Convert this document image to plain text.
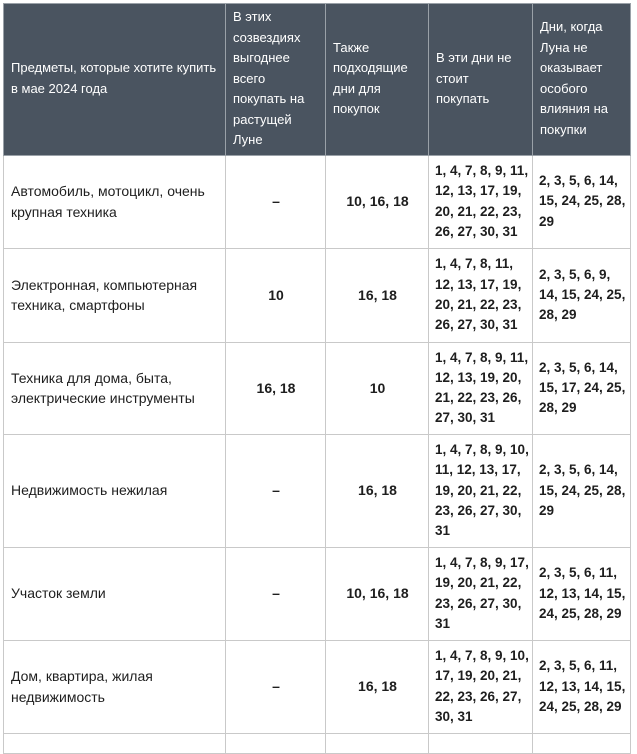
Предметы, которые хотите купить в мае 2024 года	В этих созвездиях выгоднее всего покупать на растущей Луне	Также подходящие дни для покупок	В эти дни не стоит покупать	Дни, когда Луна не оказывает особого влияния на покупки
Автомобиль, мотоцикл, очень крупная техника	–	10, 16, 18	1, 4, 7, 8, 9, 11, 12, 13, 17, 19, 20, 21, 22, 23, 26, 27, 30, 31	2, 3, 5, 6, 14, 15, 24, 25, 28, 29
Электронная, компьютерная техника, смартфоны	10	16, 18	1, 4, 7, 8, 11, 12, 13, 17, 19, 20, 21, 22, 23, 26, 27, 30, 31	2, 3, 5, 6, 9, 14, 15, 24, 25, 28, 29
Техника для дома, быта, электрические инструменты	16, 18	10	1, 4, 7, 8, 9, 11, 12, 13, 19, 20, 21, 22, 23, 26, 27, 30, 31	2, 3, 5, 6, 14, 15, 17, 24, 25, 28, 29
Недвижимость нежилая	–	16, 18	1, 4, 7, 8, 9, 10, 11, 12, 13, 17, 19, 20, 21, 22, 23, 26, 27, 30, 31	2, 3, 5, 6, 14, 15, 24, 25, 28, 29
Участок земли	–	10, 16, 18	1, 4, 7, 8, 9, 17, 19, 20, 21, 22, 23, 26, 27, 30, 31	2, 3, 5, 6, 11, 12, 13, 14, 15, 24, 25, 28, 29
Дом, квартира, жилая недвижимость	–	16, 18	1, 4, 7, 8, 9, 10, 17, 19, 20, 21, 22, 23, 26, 27, 30, 31	2, 3, 5, 6, 11, 12, 13, 14, 15, 24, 25, 28, 29
